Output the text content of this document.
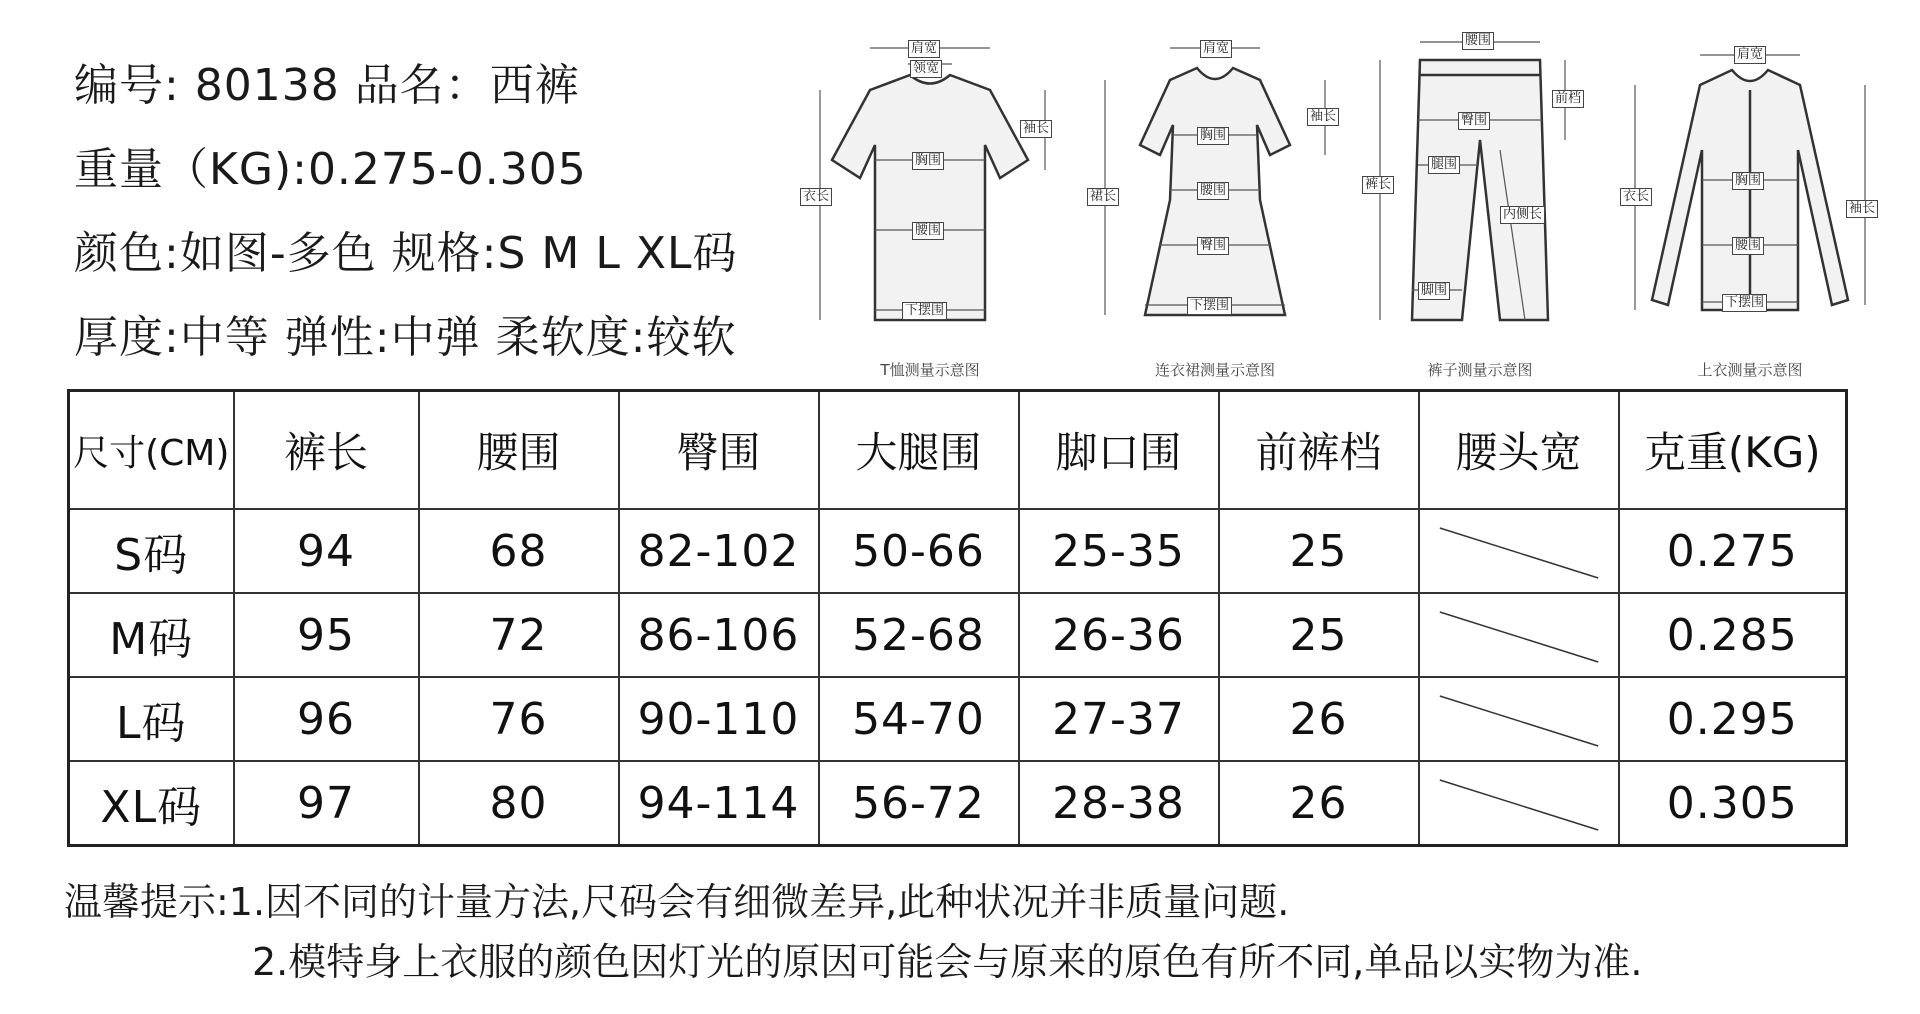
编号: 80138 品名：西裤
重量（KG):0.275-0.305
颜色:如图-多色 规格:S M L XL码
厚度:中等 弹性:中弹 柔软度:较软
肩宽
领宽
袖长
衣长
胸围
腰围
下摆围
T恤测量示意图
肩宽
袖长
裙长
胸围
腰围
臀围
下摆围
连衣裙测量示意图
腰围
前档
臀围
腿围
裤长
内侧长
脚围
裤子测量示意图
肩宽
衣长
胸围
袖长
腰围
下摆围
上衣测量示意图
尺寸(CM)	裤长	腰围	臀围	大腿围	脚口围	前裤档	腰头宽	克重(KG)
S码	94	68	82-102	50-66	25-35	25		0.275
M码	95	72	86-106	52-68	26-36	25		0.285
L码	96	76	90-110	54-70	27-37	26		0.295
XL码	97	80	94-114	56-72	28-38	26		0.305
温馨提示:1.因不同的计量方法,尺码会有细微差异,此种状况并非质量问题.
2.模特身上衣服的颜色因灯光的原因可能会与原来的原色有所不同,单品以实物为准.
